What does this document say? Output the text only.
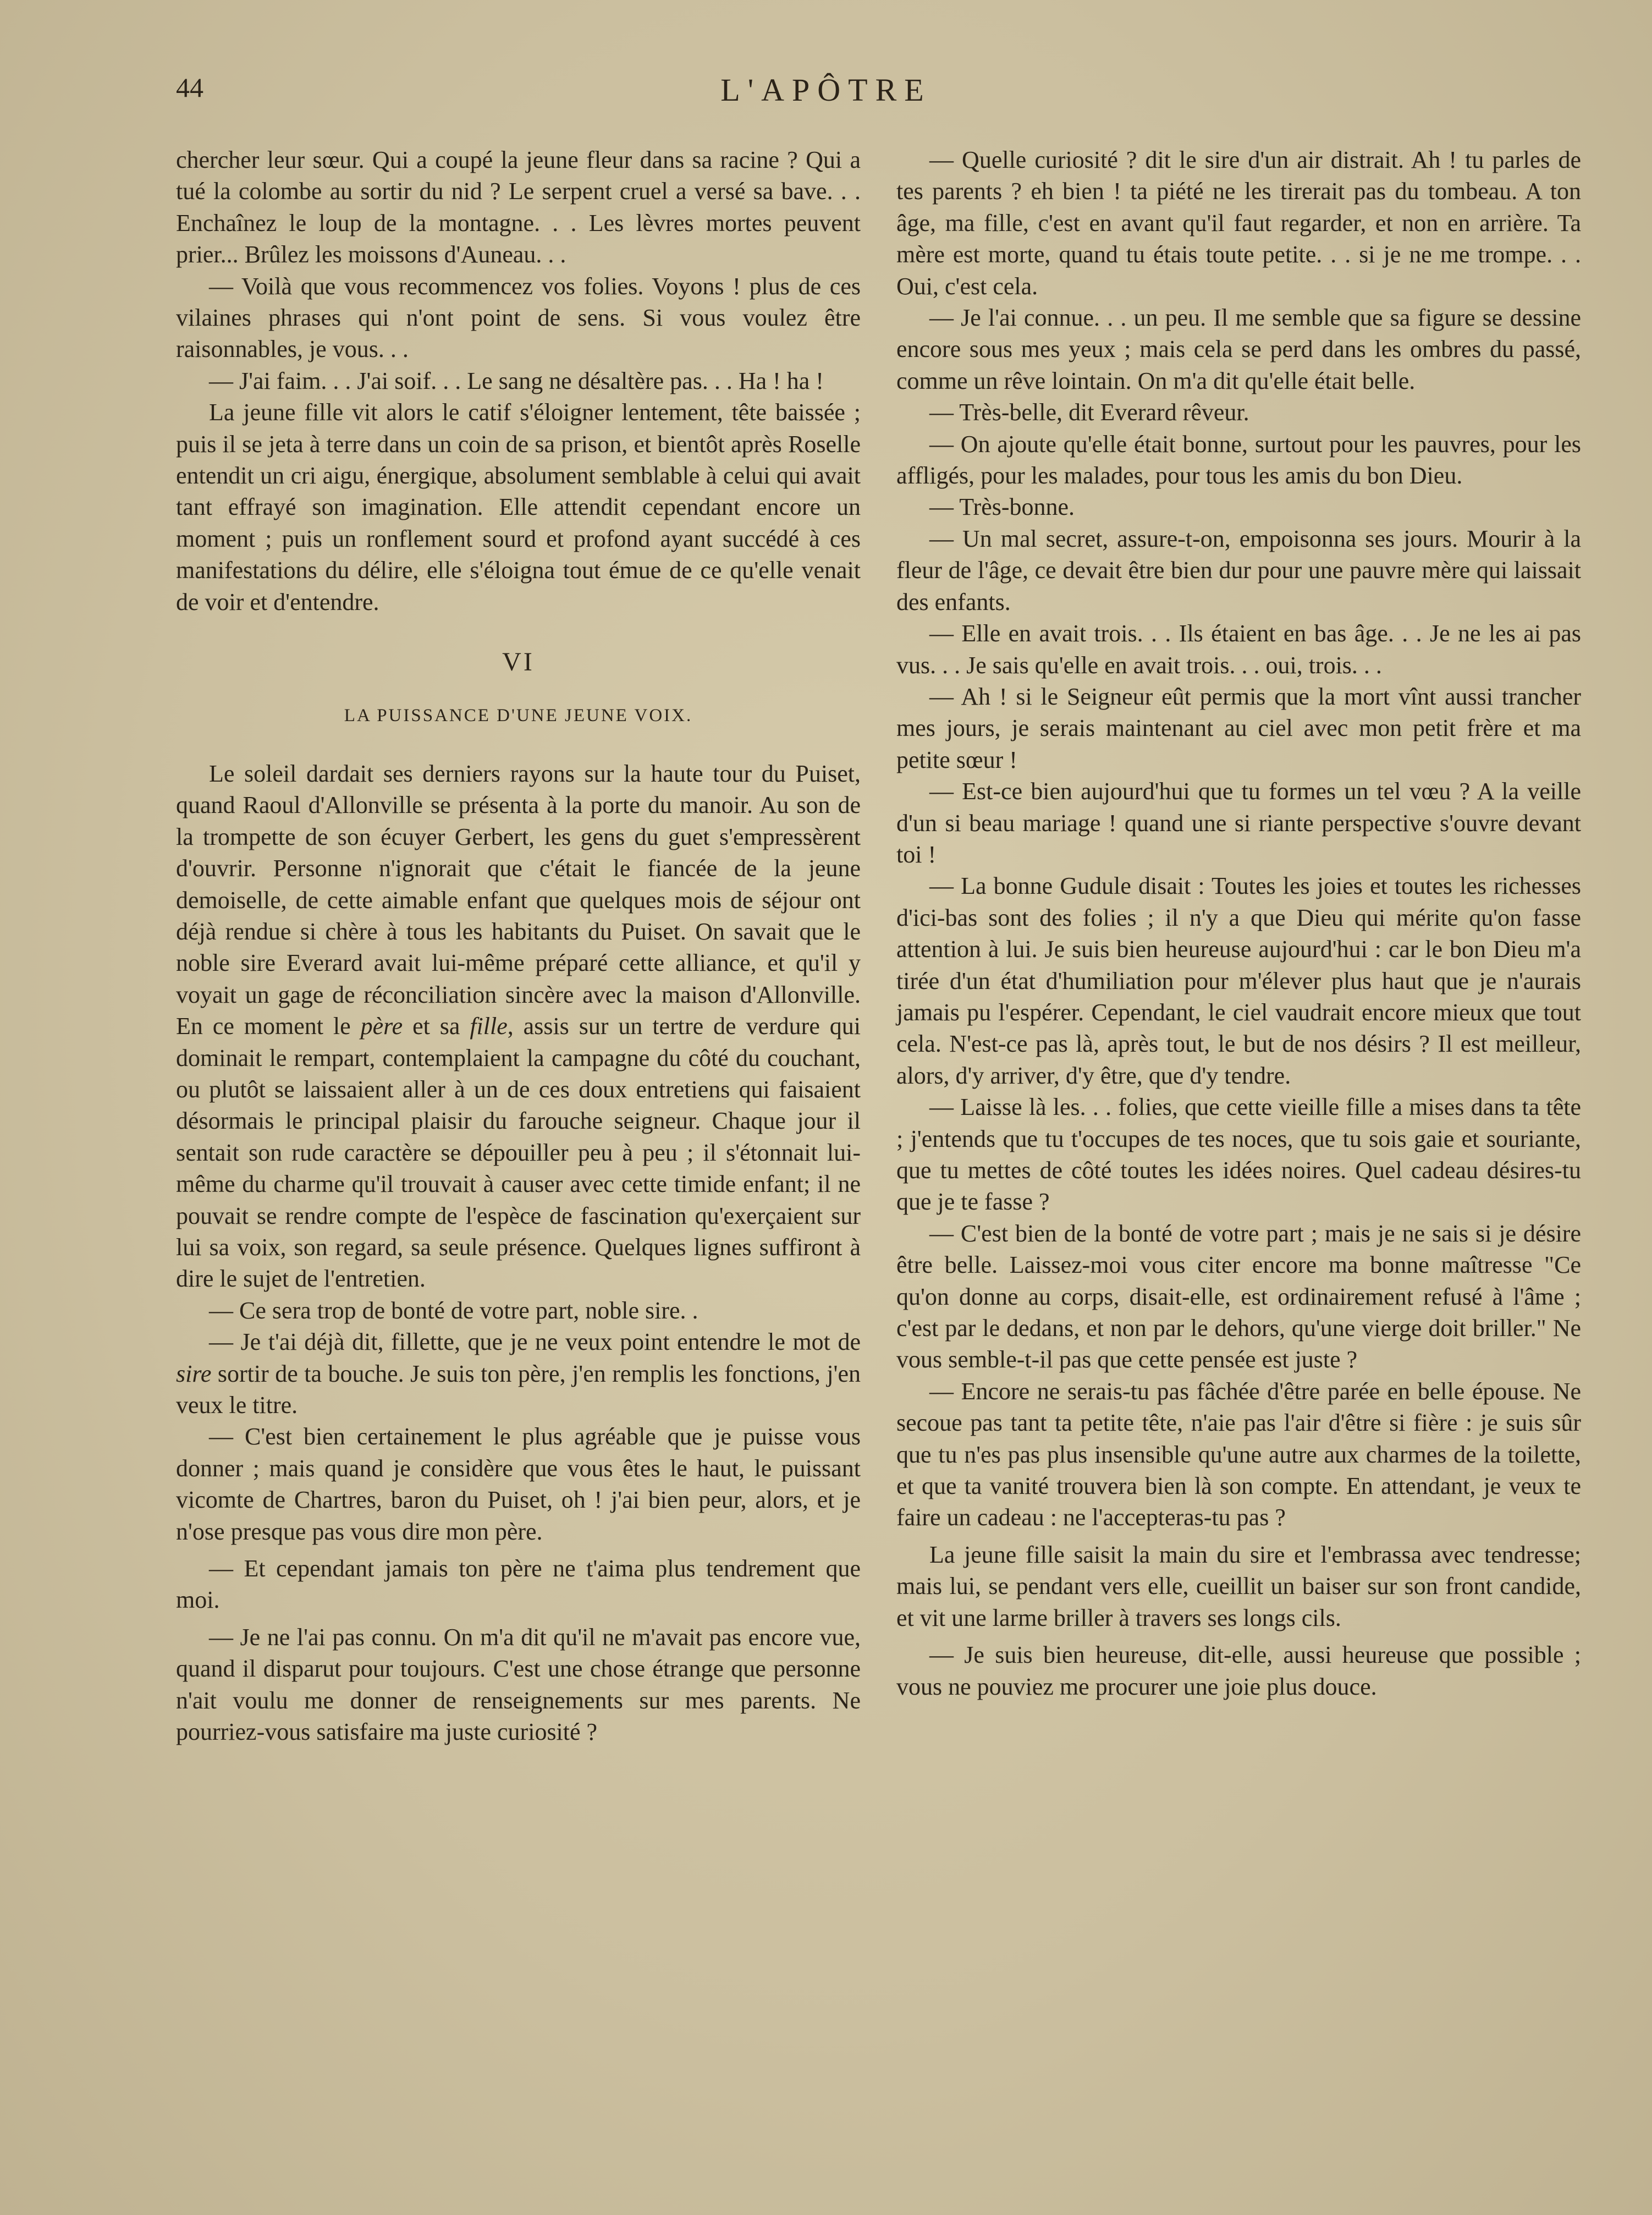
44	L'APÔTRE

chercher leur sœur. Qui a coupé la jeune fleur dans sa racine ? Qui a tué la colombe au sortir du nid ? Le serpent cruel a versé sa bave. . . Enchaînez le loup de la montagne. . . Les lèvres mortes peuvent prier... Brûlez les moissons d'Auneau. . .

— Voilà que vous recommencez vos folies. Voyons ! plus de ces vilaines phrases qui n'ont point de sens. Si vous voulez être raisonnables, je vous. . .

— J'ai faim. . . J'ai soif. . . Le sang ne désaltère pas. . . Ha ! ha !

La jeune fille vit alors le catif s'éloigner lentement, tête baissée ; puis il se jeta à terre dans un coin de sa prison, et bientôt après Roselle entendit un cri aigu, énergique, absolument semblable à celui qui avait tant effrayé son imagination. Elle attendit cependant encore un moment ; puis un ronflement sourd et profond ayant succédé à ces manifestations du délire, elle s'éloigna tout émue de ce qu'elle venait de voir et d'entendre.

VI
LA PUISSANCE D'UNE JEUNE VOIX.

Le soleil dardait ses derniers rayons sur la haute tour du Puiset, quand Raoul d'Allonville se présenta à la porte du manoir. Au son de la trompette de son écuyer Gerbert, les gens du guet s'empressèrent d'ouvrir. Personne n'ignorait que c'était le fiancée de la jeune demoiselle, de cette aimable enfant que quelques mois de séjour ont déjà rendue si chère à tous les habitants du Puiset. On savait que le noble sire Everard avait lui-même préparé cette alliance, et qu'il y voyait un gage de réconciliation sincère avec la maison d'Allonville. En ce moment le père et sa fille, assis sur un tertre de verdure qui dominait le rempart, contemplaient la campagne du côté du couchant, ou plutôt se laissaient aller à un de ces doux entretiens qui faisaient désormais le principal plaisir du farouche seigneur. Chaque jour il sentait son rude caractère se dépouiller peu à peu ; il s'étonnait lui-même du charme qu'il trouvait à causer avec cette timide enfant; il ne pouvait se rendre compte de l'espèce de fascination qu'exerçaient sur lui sa voix, son regard, sa seule présence. Quelques lignes suffiront à dire le sujet de l'entretien.

— Ce sera trop de bonté de votre part, noble sire. .

— Je t'ai déjà dit, fillette, que je ne veux point entendre le mot de sire sortir de ta bouche. Je suis ton père, j'en remplis les fonctions, j'en veux le titre.

— C'est bien certainement le plus agréable que je puisse vous donner ; mais quand je considère que vous êtes le haut, le puissant vicomte de Chartres, baron du Puiset, oh ! j'ai bien peur, alors, et je n'ose presque pas vous dire mon père.

— Et cependant jamais ton père ne t'aima plus tendrement que moi.

— Je ne l'ai pas connu. On m'a dit qu'il ne m'avait pas encore vue, quand il disparut pour toujours. C'est une chose étrange que personne n'ait voulu me donner de renseignements sur mes parents. Ne pourriez-vous satisfaire ma juste curiosité ?

— Quelle curiosité ? dit le sire d'un air distrait. Ah ! tu parles de tes parents ? eh bien ! ta piété ne les tirerait pas du tombeau. A ton âge, ma fille, c'est en avant qu'il faut regarder, et non en arrière. Ta mère est morte, quand tu étais toute petite. . . si je ne me trompe. . . Oui, c'est cela.

— Je l'ai connue. . . un peu. Il me semble que sa figure se dessine encore sous mes yeux ; mais cela se perd dans les ombres du passé, comme un rêve lointain. On m'a dit qu'elle était belle.

— Très-belle, dit Everard rêveur.

— On ajoute qu'elle était bonne, surtout pour les pauvres, pour les affligés, pour les malades, pour tous les amis du bon Dieu.

— Très-bonne.

— Un mal secret, assure-t-on, empoisonna ses jours. Mourir à la fleur de l'âge, ce devait être bien dur pour une pauvre mère qui laissait des enfants.

— Elle en avait trois. . . Ils étaient en bas âge. . . Je ne les ai pas vus. . . Je sais qu'elle en avait trois. . . oui, trois. . .

— Ah ! si le Seigneur eût permis que la mort vînt aussi trancher mes jours, je serais maintenant au ciel avec mon petit frère et ma petite sœur !

— Est-ce bien aujourd'hui que tu formes un tel vœu ? A la veille d'un si beau mariage ! quand une si riante perspective s'ouvre devant toi !

— La bonne Gudule disait : Toutes les joies et toutes les richesses d'ici-bas sont des folies ; il n'y a que Dieu qui mérite qu'on fasse attention à lui. Je suis bien heureuse aujourd'hui : car le bon Dieu m'a tirée d'un état d'humiliation pour m'élever plus haut que je n'aurais jamais pu l'espérer. Cependant, le ciel vaudrait encore mieux que tout cela. N'est-ce pas là, après tout, le but de nos désirs ? Il est meilleur, alors, d'y arriver, d'y être, que d'y tendre.

— Laisse là les. . . folies, que cette vieille fille a mises dans ta tête ; j'entends que tu t'occupes de tes noces, que tu sois gaie et souriante, que tu mettes de côté toutes les idées noires. Quel cadeau désires-tu que je te fasse ?

— C'est bien de la bonté de votre part ; mais je ne sais si je désire être belle. Laissez-moi vous citer encore ma bonne maîtresse "Ce qu'on donne au corps, disait-elle, est ordinairement refusé à l'âme ; c'est par le dedans, et non par le dehors, qu'une vierge doit briller." Ne vous semble-t-il pas que cette pensée est juste ?

— Encore ne serais-tu pas fâchée d'être parée en belle épouse. Ne secoue pas tant ta petite tête, n'aie pas l'air d'être si fière : je suis sûr que tu n'es pas plus insensible qu'une autre aux charmes de la toilette, et que ta vanité trouvera bien là son compte. En attendant, je veux te faire un cadeau : ne l'accepteras-tu pas ?

La jeune fille saisit la main du sire et l'embrassa avec tendresse; mais lui, se pendant vers elle, cueillit un baiser sur son front candide, et vit une larme briller à travers ses longs cils.

— Je suis bien heureuse, dit-elle, aussi heureuse que possible ; vous ne pouviez me procurer une joie plus douce.
